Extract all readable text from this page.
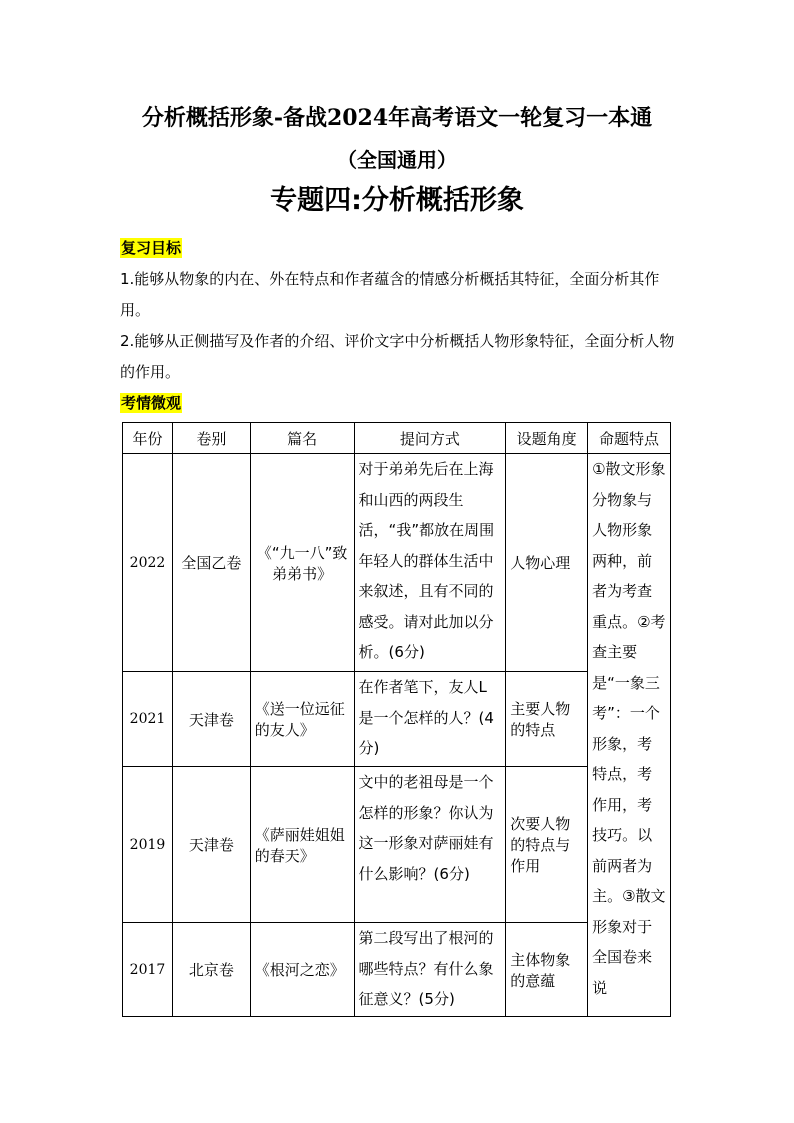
分析概括形象-备战2024年高考语文一轮复习一本通
（全国通用）
专题四:分析概括形象
复习目标
1.能够从物象的内在、外在特点和作者蕴含的情感分析概括其特征，全面分析其作用。
2.能够从正侧描写及作者的介绍、评价文字中分析概括人物形象特征，全面分析人物的作用。
考情微观
年份	卷别	篇名	提问方式	设题角度	命题特点
2022	全国乙卷	《“九一八”致弟弟书》	对于弟弟先后在上海和山西的两段生活，“我”都放在周围年轻人的群体生活中来叙述，且有不同的感受。请对此加以分析。(6分)	人物心理	①散文形象分物象与人物形象两种，前者为考查重点。②考查主要是“一象三考”：一个形象，考特点，考作用，考技巧。以前两者为主。③散文形象对于全国卷来说
2021	天津卷	《送一位远征的友人》	在作者笔下，友人L是一个怎样的人？(4分)	主要人物的特点	
2019	天津卷	《萨丽娃姐姐的春天》	文中的老祖母是一个怎样的形象？你认为这一形象对萨丽娃有什么影响？(6分)	次要人物的特点与作用	
2017	北京卷	《根河之恋》	第二段写出了根河的哪些特点？有什么象征意义？(5分)	主体物象的意蕴	
